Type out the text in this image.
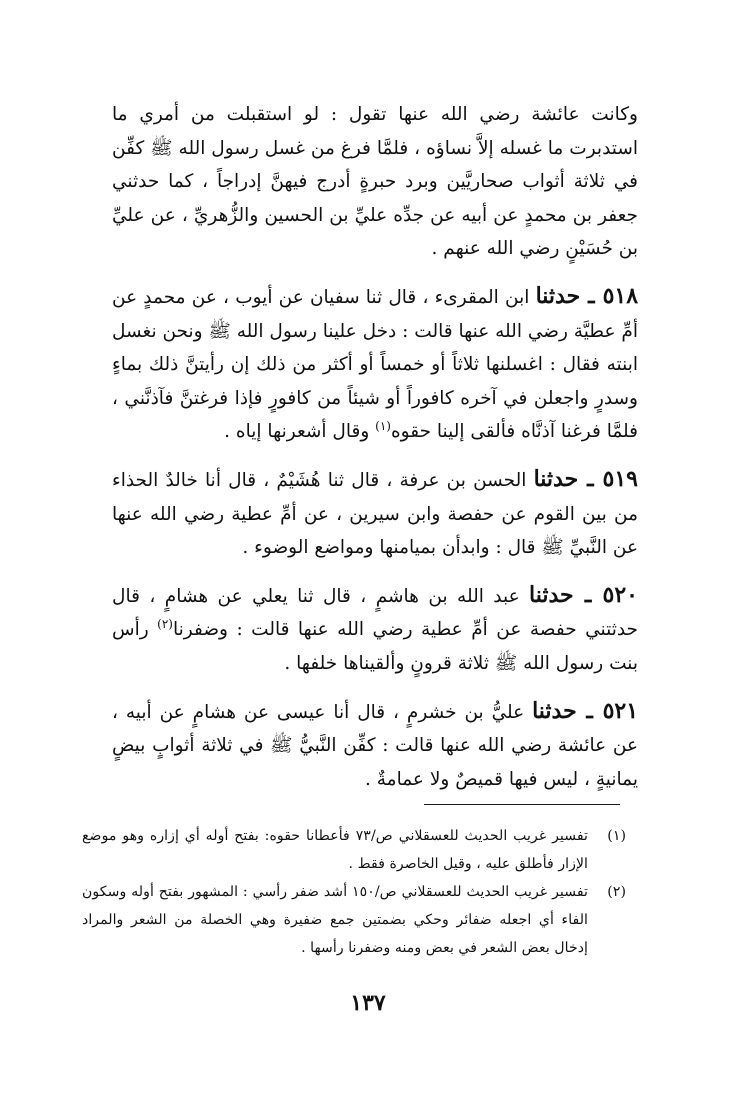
وكانت عائشة رضي الله عنها تقول : لو استقبلت من أمري ما استدبرت ما غسله إلاَّ نساؤه ، فلمَّا فرغ من غسل رسول الله ﷺ كفِّن في ثلاثة أثواب صحاريَّين وبرد حبرةٍ أدرج فيهنَّ إدراجاً ، كما حدثني جعفر بن محمدٍ عن أبيه عن جدِّه عليِّ بن الحسين والزُّهريِّ ، عن عليِّ بن حُسَيْنٍ رضي الله عنهم .

٥١٨ ـ حدثنا ابن المقرىء ، قال ثنا سفيان عن أيوب ، عن محمدٍ عن أمِّ عطيَّة رضي الله عنها قالت : دخل علينا رسول الله ﷺ ونحن نغسل ابنته فقال : اغسلنها ثلاثاً أو خمساً أو أكثر من ذلك إن رأيتنَّ ذلك بماءٍ وسدرٍ واجعلن في آخره كافوراً أو شيئاً من كافورٍ فإذا فرغتنَّ فآذنَّني ، فلمَّا فرغنا آذنَّاه فألقى إلينا حقوه$^{(١)}$ وقال أشعرنها إياه .

٥١٩ ـ حدثنا الحسن بن عرفة ، قال ثنا هُشَيْمٌ ، قال أنا خالدٌ الحذاء من بين القوم عن حفصة وابن سيرين ، عن أمِّ عطية رضي الله عنها عن النَّبيِّ ﷺ قال : وابدأن بميامنها ومواضع الوضوء .

٥٢٠ ـ حدثنا عبد الله بن هاشمٍ ، قال ثنا يعلي عن هشامٍ ، قال حدثتني حفصة عن أمِّ عطية رضي الله عنها قالت : وضفرنا$^{(٢)}$ رأس بنت رسول الله ﷺ ثلاثة قرونٍ وألقيناها خلفها .

٥٢١ ـ حدثنا عليُّ بن خشرمٍ ، قال أنا عيسى عن هشامٍ عن أبيه ، عن عائشة رضي الله عنها قالت : كفِّن النَّبيُّ ﷺ في ثلاثة أثوابٍ بيضٍ يمانيةٍ ، ليس فيها قميصٌ ولا عمامةٌ .

(١)
تفسير غريب الحديث للعسقلاني ص/٧٣ فأعطانا حقوه: بفتح أوله أي إزاره وهو موضع الإزار فأطلق عليه ، وقيل الخاصرة فقط .
(٢)
تفسير غريب الحديث للعسقلاني ص/١٥٠ أشد ضفر رأسي : المشهور بفتح أوله وسكون الفاء أي اجعله ضفائر وحكي بضمتين جمع ضفيرة وهي الخصلة من الشعر والمراد إدخال بعض الشعر في بعض ومنه وضفرنا رأسها .
١٣٧
